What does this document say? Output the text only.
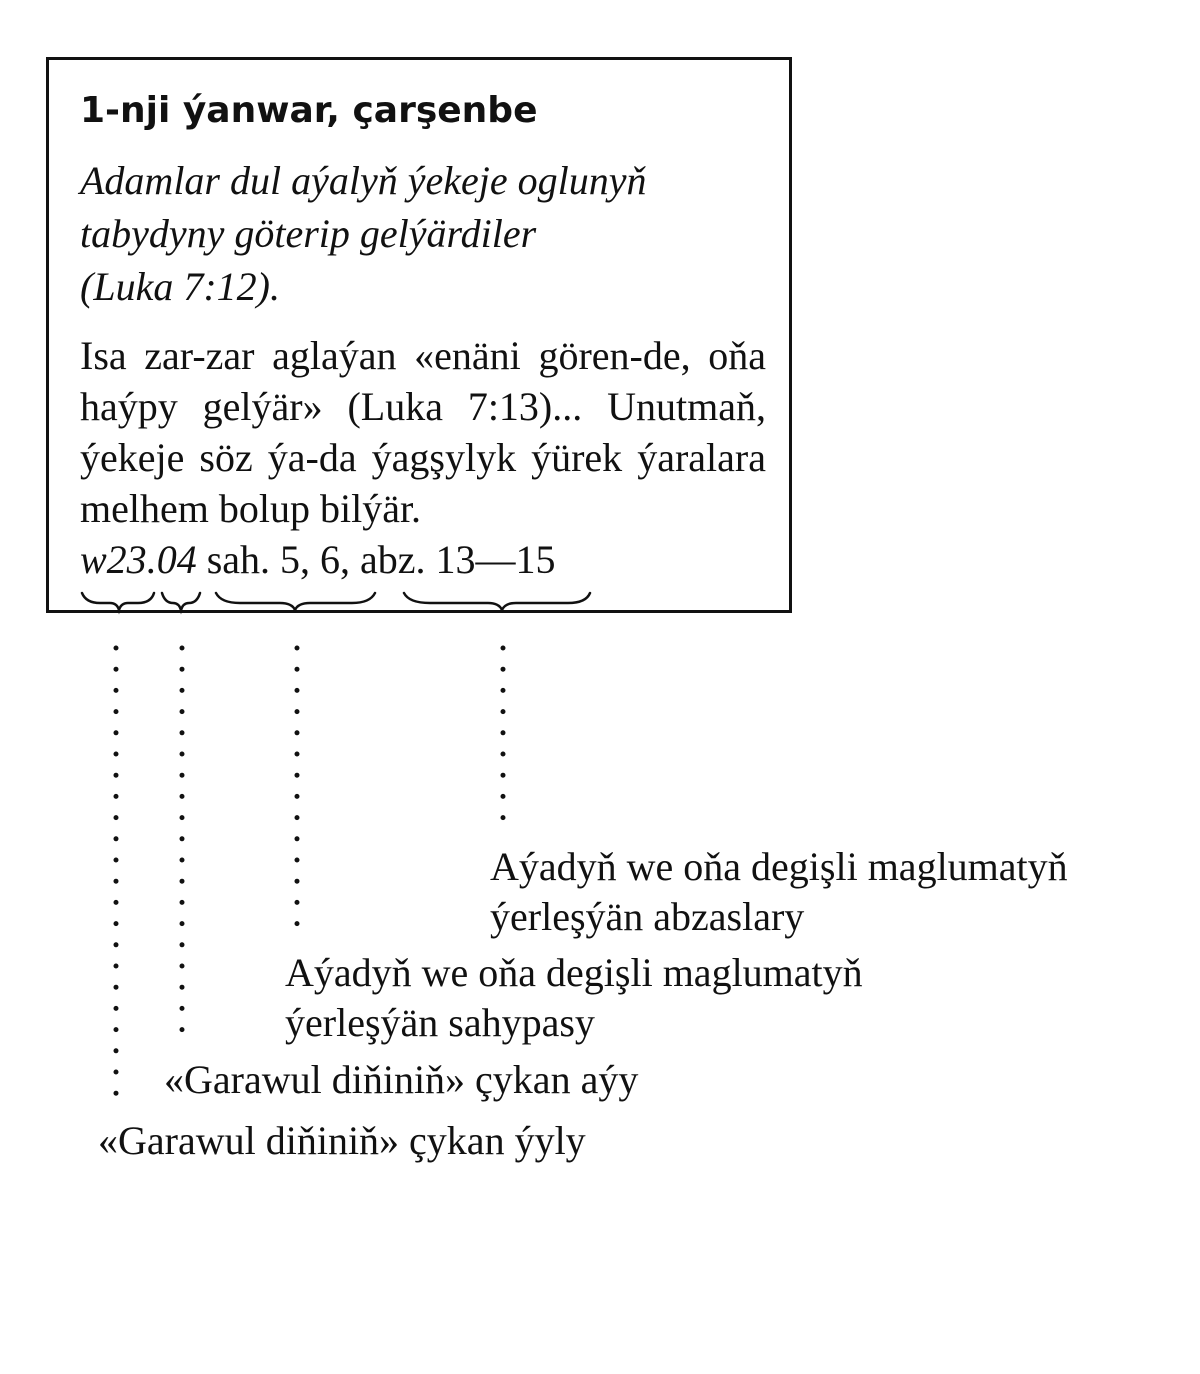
1-nji ýanwar, çarşenbe
Adamlar dul aýalyň ýekeje oglunyň
tabydyny göterip gelýärdiler
(Luka 7:12).
Isa zar-zar aglaýan «enäni gören-de, oňa haýpy gelýär» (Luka 7:13)... Unutmaň, ýekeje söz ýa-da ýagşylyk ýürek ýaralara melhem bolup bilýär.
w23.04 sah. 5, 6, abz. 13—15
Aýadyň we oňa degişli maglumatyň
ýerleşýän abzaslary
Aýadyň we oňa degişli maglumatyň
ýerleşýän sahypasy
«Garawul diňiniň» çykan aýy
«Garawul diňiniň» çykan ýyly
